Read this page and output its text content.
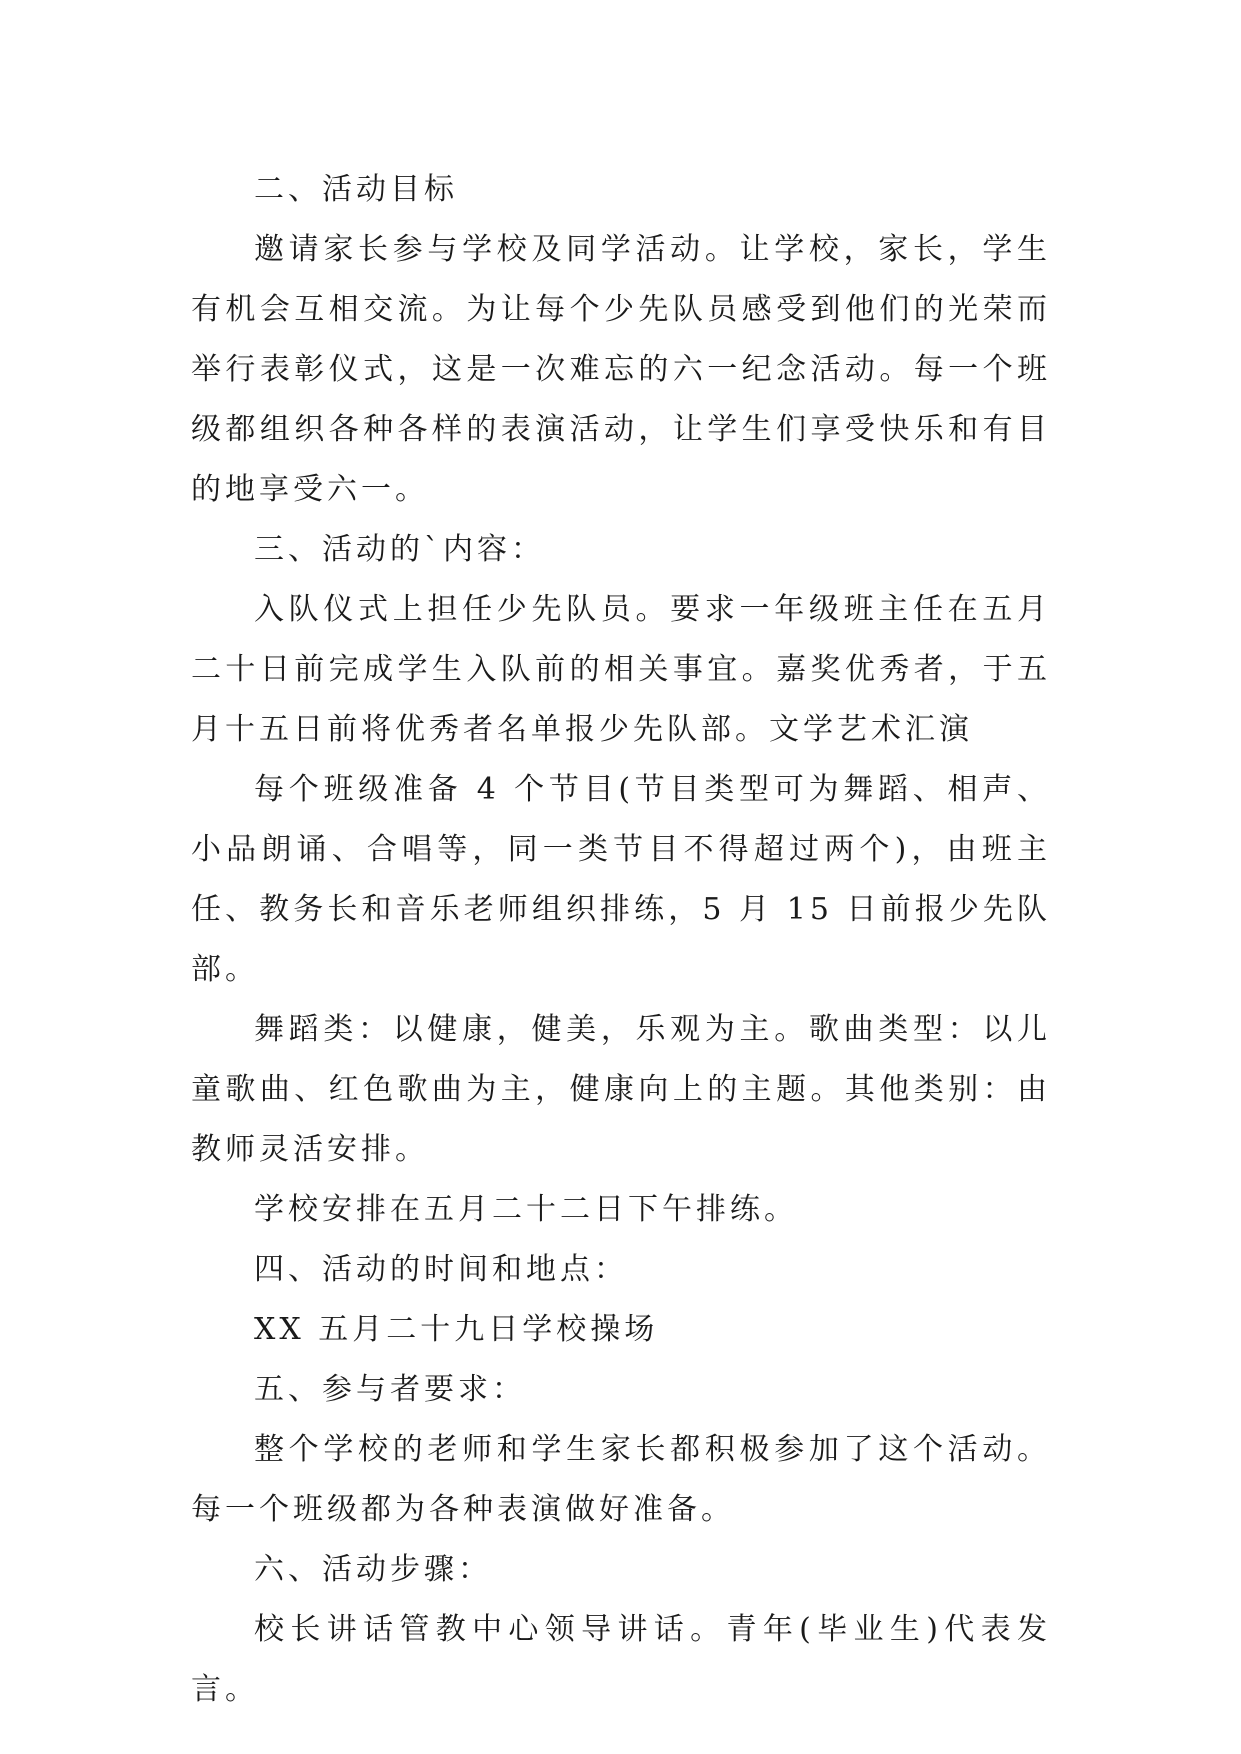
二、活动目标

邀请家长参与学校及同学活动。让学校，家长，学生有机会互相交流。为让每个少先队员感受到他们的光荣而举行表彰仪式，这是一次难忘的六一纪念活动。每一个班级都组织各种各样的表演活动，让学生们享受快乐和有目的地享受六一。

三、活动的`内容：

入队仪式上担任少先队员。要求一年级班主任在五月二十日前完成学生入队前的相关事宜。嘉奖优秀者，于五月十五日前将优秀者名单报少先队部。文学艺术汇演

每个班级准备 4 个节目(节目类型可为舞蹈、相声、小品朗诵、合唱等，同一类节目不得超过两个)，由班主任、教务长和音乐老师组织排练，5 月 15 日前报少先队部。

舞蹈类：以健康，健美，乐观为主。歌曲类型：以儿童歌曲、红色歌曲为主，健康向上的主题。其他类别：由教师灵活安排。

学校安排在五月二十二日下午排练。

四、活动的时间和地点：

XX 五月二十九日学校操场

五、参与者要求：

整个学校的老师和学生家长都积极参加了这个活动。每一个班级都为各种表演做好准备。

六、活动步骤：

校长讲话管教中心领导讲话。青年(毕业生)代表发言。
